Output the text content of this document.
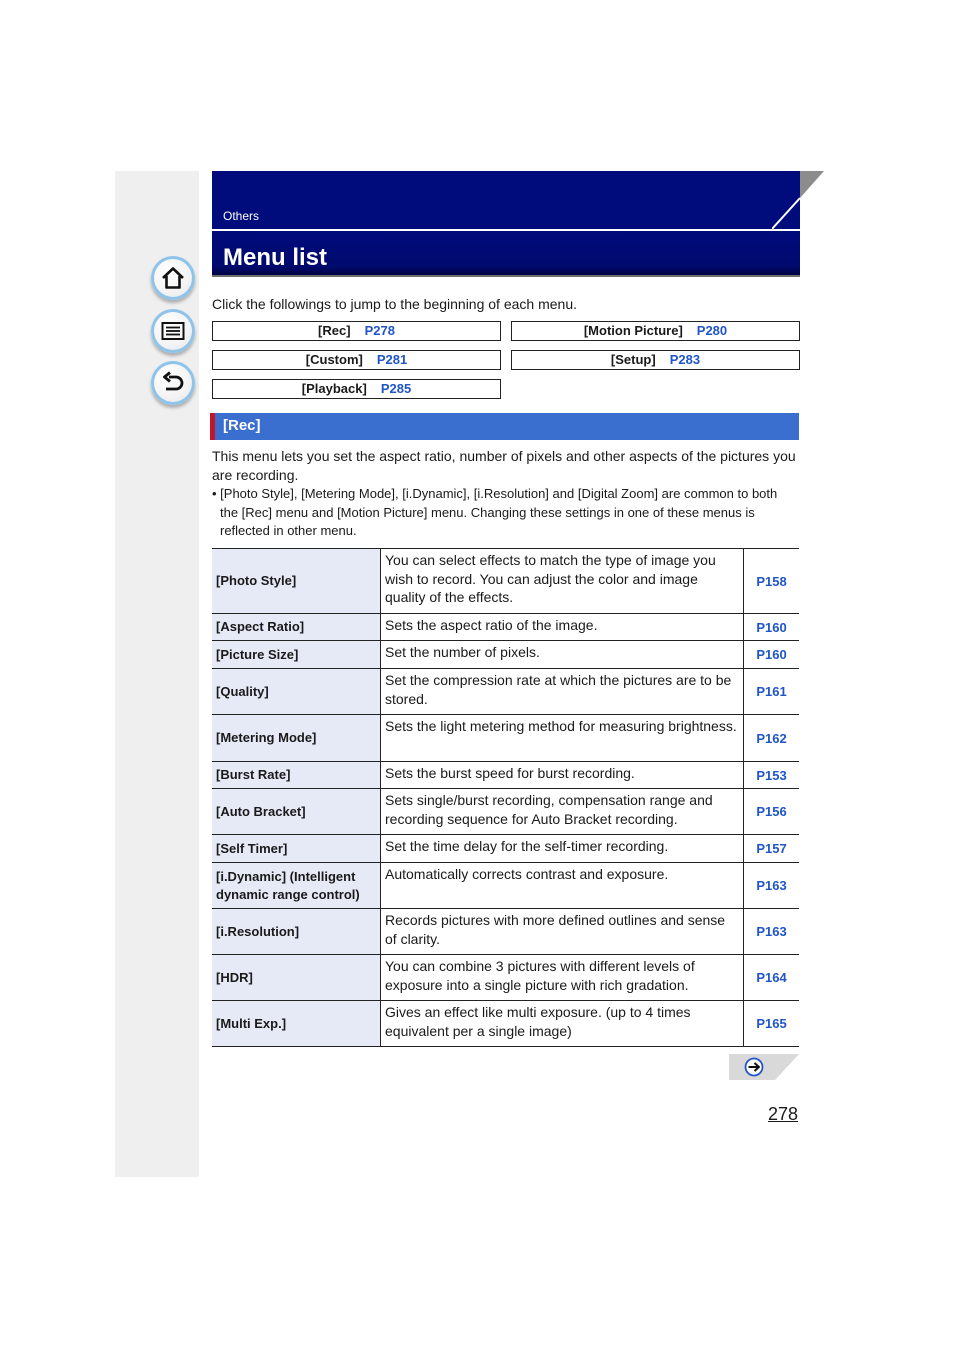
Others
Menu list
Click the followings to jump to the beginning of each menu.
[Rec] P278	[Motion Picture] P280
[Custom] P281	[Setup] P283
[Playback] P285
[Rec]
This menu lets you set the aspect ratio, number of pixels and other aspects of the pictures you are recording.
• [Photo Style], [Metering Mode], [i.Dynamic], [i.Resolution] and [Digital Zoom] are common to both the [Rec] menu and [Motion Picture] menu. Changing these settings in one of these menus is reflected in other menu.
[Photo Style]	You can select effects to match the type of image you wish to record. You can adjust the color and image quality of the effects.	P158
[Aspect Ratio]	Sets the aspect ratio of the image.	P160
[Picture Size]	Set the number of pixels.	P160
[Quality]	Set the compression rate at which the pictures are to be stored.	P161
[Metering Mode]	Sets the light metering method for measuring brightness.	P162
[Burst Rate]	Sets the burst speed for burst recording.	P153
[Auto Bracket]	Sets single/burst recording, compensation range and recording sequence for Auto Bracket recording.	P156
[Self Timer]	Set the time delay for the self-timer recording.	P157
[i.Dynamic] (Intelligent dynamic range control)	Automatically corrects contrast and exposure.	P163
[i.Resolution]	Records pictures with more defined outlines and sense of clarity.	P163
[HDR]	You can combine 3 pictures with different levels of exposure into a single picture with rich gradation.	P164
[Multi Exp.]	Gives an effect like multi exposure. (up to 4 times equivalent per a single image)	P165
278
